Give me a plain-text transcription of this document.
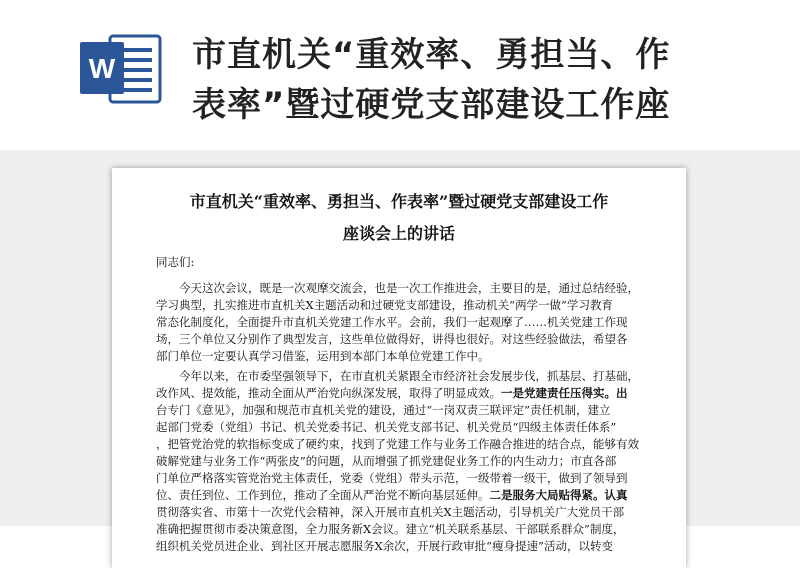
W 市直机关“重效率、勇担当、作
表率”暨过硬党支部建设工作座
市直机关“重效率、勇担当、作表率”暨过硬党支部建设工作
座谈会上的讲话
同志们:
今天这次会议，既是一次观摩交流会，也是一次工作推进会，主要目的是，通过总结经验，
学习典型，扎实推进市直机关X主题活动和过硬党支部建设，推动机关“两学一做”学习教育
常态化制度化，全面提升市直机关党建工作水平。会前，我们一起观摩了……机关党建工作现
场，三个单位又分别作了典型发言，这些单位做得好，讲得也很好。对这些经验做法，希望各
部门单位一定要认真学习借鉴，运用到本部门本单位党建工作中。
今年以来，在市委坚强领导下，在市直机关紧跟全市经济社会发展步伐，抓基层、打基础，
改作风、提效能，推动全面从严治党向纵深发展，取得了明显成效。一是党建责任压得实。出
台专门《意见》，加强和规范市直机关党的建设，通过“一岗双责三联评定”责任机制，建立
起部门党委（党组）书记、机关党委书记、机关党支部书记、机关党员“四级主体责任体系”
，把管党治党的软指标变成了硬约束，找到了党建工作与业务工作融合推进的结合点，能够有效
破解党建与业务工作“两张皮”的问题，从而增强了抓党建促业务工作的内生动力；市直各部
门单位严格落实管党治党主体责任，党委（党组）带头示范，一级带着一级干，做到了领导到
位、责任到位、工作到位，推动了全面从严治党不断向基层延伸。二是服务大局贴得紧。认真
贯彻落实省、市第十一次党代会精神，深入开展市直机关X主题活动，引导机关广大党员干部
准确把握贯彻市委决策意图，全力服务新X会议。建立“机关联系基层、干部联系群众”制度，
组织机关党员进企业、到社区开展志愿服务X余次，开展行政审批“瘦身提速”活动，以转变
